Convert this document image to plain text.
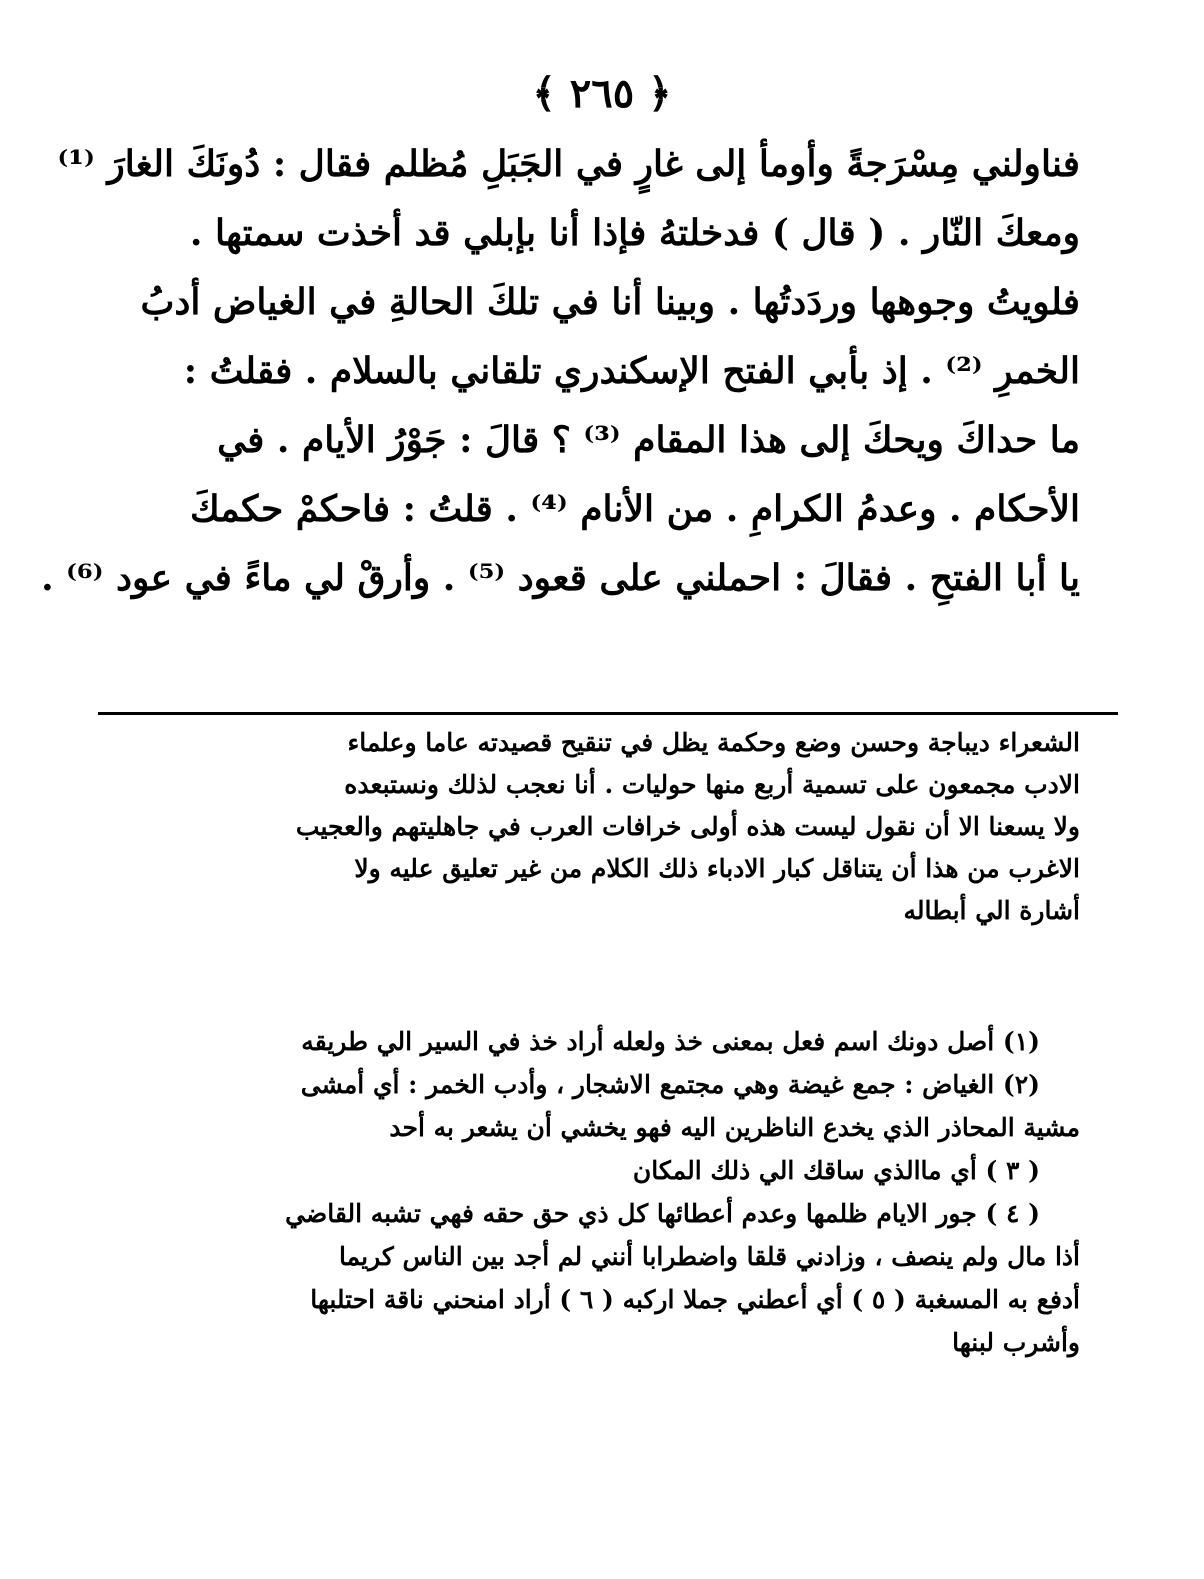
﴿ ٢٦٥ ﴾

فناولني مِسْرَجةً وأومأ إلى غارٍ في الجَبَلِ مُظلم فقال : دُونَكَ الغارَ ⁽¹⁾

ومعكَ النّار . ( قال ) فدخلتهُ فإذا أنا بإبلي قد أخذت سمتها .

فلويتُ وجوهها وردَدتُها . وبينا أنا في تلكَ الحالةِ في الغياض أدبُ

الخمرِ ⁽²⁾ . إذ بأبي الفتح الإسكندري تلقاني بالسلام . فقلتُ :

ما حداكَ ويحكَ إلى هذا المقام ⁽³⁾ ؟ قالَ : جَوْرُ الأيام . في

الأحكام . وعدمُ الكرامِ . من الأنام ⁽⁴⁾ . قلتُ : فاحكمْ حكمكَ

يا أبا الفتحِ . فقالَ : احملني على قعود ⁽⁵⁾ . وأرقْ لي ماءً في عود ⁽⁶⁾ .

الشعراء ديباجة وحسن وضع وحكمة يظل في تنقيح قصيدته عاما وعلماء

الادب مجمعون على تسمية أربع منها حوليات . أنا نعجب لذلك ونستبعده

ولا يسعنا الا أن نقول ليست هذه أولى خرافات العرب في جاهليتهم والعجيب

الاغرب من هذا أن يتناقل كبار الادباء ذلك الكلام من غير تعليق عليه ولا

أشارة الي أبطاله

(١) أصل دونك اسم فعل بمعنى خذ ولعله أراد خذ في السير الي طريقه

(٢) الغياض : جمع غيضة وهي مجتمع الاشجار ، وأدب الخمر : أي أمشى

مشية المحاذر الذي يخدع الناظرين اليه فهو يخشي أن يشعر به أحد

( ٣ ) أي ماالذي ساقك الي ذلك المكان

( ٤ ) جور الايام ظلمها وعدم أعطائها كل ذي حق حقه فهي تشبه القاضي

أذا مال ولم ينصف ، وزادني قلقا واضطرابا أنني لم أجد بين الناس كريما

أدفع به المسغبة ( ٥ ) أي أعطني جملا اركبه ( ٦ ) أراد امنحني ناقة احتلبها

وأشرب لبنها
